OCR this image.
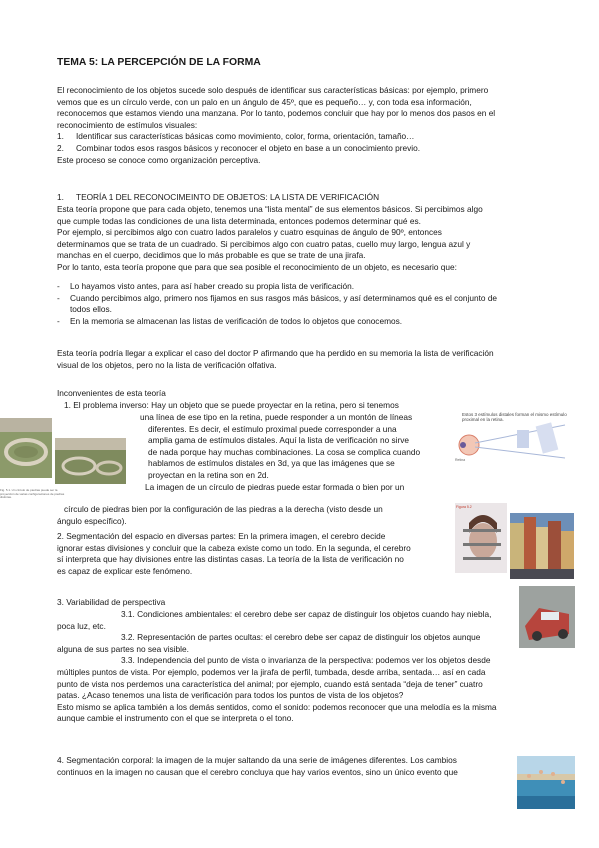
TEMA 5: LA PERCEPCIÓN DE LA FORMA
El reconocimiento de los objetos sucede solo después de identificar sus características básicas: por ejemplo, primero
vemos que es un círculo verde, con un palo en un ángulo de 45º, que es pequeño… y, con toda esa información,
reconocemos que estamos viendo una manzana. Por lo tanto, podemos concluir que hay por lo menos dos pasos en el
reconocimiento de estímulos visuales:
1. Identificar sus características básicas como movimiento, color, forma, orientación, tamaño…
2. Combinar todos esos rasgos básicos y reconocer el objeto en base a un conocimiento previo.
Este proceso se conoce como organización perceptiva.
1. TEORÍA 1 DEL RECONOCIMEINTO DE OBJETOS: LA LISTA DE VERIFICACIÓN
Esta teoría propone que para cada objeto, tenemos una “lista mental” de sus elementos básicos. Si percibimos algo
que cumple todas las condiciones de una lista determinada, entonces podemos determinar qué es.
Por ejemplo, si percibimos algo con cuatro lados paralelos y cuatro esquinas de ángulo de 90º, entonces
determinamos que se trata de un cuadrado. Si percibimos algo con cuatro patas, cuello muy largo, lengua azul y
manchas en el cuerpo, decidimos que lo más probable es que se trate de una jirafa.
Por lo tanto, esta teoría propone que para que sea posible el reconocimiento de un objeto, es necesario que:
- Lo hayamos visto antes, para así haber creado su propia lista de verificación.
- Cuando percibimos algo, primero nos fijamos en sus rasgos más básicos, y así determinamos qué es el conjunto de
todos ellos.
- En la memoria se almacenan las listas de verificación de todos lo objetos que conocemos.
Esta teoría podría llegar a explicar el caso del doctor P afirmando que ha perdido en su memoria la lista de verificación
visual de los objetos, pero no la lista de verificación olfativa.
Inconvenientes de esta teoría
1. El problema inverso: Hay un objeto que se puede proyectar en la retina, pero si tenemos
una línea de ese tipo en la retina, puede responder a un montón de líneas
diferentes. Es decir, el estímulo proximal puede corresponder a una
amplia gama de estímulos distales. Aquí la lista de verificación no sirve
de nada porque hay muchas combinaciones. La cosa se complica cuando
hablamos de estímulos distales en 3d, ya que las imágenes que se
proyectan en la retina son en 2d.
La imagen de un círculo de piedras puede estar formada o bien por un
círculo de piedras bien por la configuración de las piedras a la derecha (visto desde un
ángulo específico).
2. Segmentación del espacio en diversas partes: En la primera imagen, el cerebro decide
ignorar estas divisiones y concluir que la cabeza existe como un todo. En la segunda, el cerebro
sí interpreta que hay divisiones entre las distintas casas. La teoría de la lista de verificación no
es capaz de explicar este fenómeno.
3. Variabilidad de perspectiva
3.1. Condiciones ambientales: el cerebro debe ser capaz de distinguir los objetos cuando hay niebla,
poca luz, etc.
3.2. Representación de partes ocultas: el cerebro debe ser capaz de distinguir los objetos aunque
alguna de sus partes no sea visible.
3.3. Independencia del punto de vista o invarianza de la perspectiva: podemos ver los objetos desde
múltiples puntos de vista. Por ejemplo, podemos ver la jirafa de perfil, tumbada, desde arriba, sentada… así en cada
punto de vista nos perdemos una característica del animal; por ejemplo, cuando está sentada “deja de tener” cuatro
patas. ¿Acaso tenemos una lista de verificación para todos los puntos de vista de los objetos?
Esto mismo se aplica también a los demás sentidos, como el sonido: podemos reconocer que una melodía es la misma
aunque cambie el instrumento con el que se interpreta o el tono.
4. Segmentación corporal: la imagen de la mujer saltando da una serie de imágenes diferentes. Los cambios
continuos en la imagen no causan que el cerebro concluya que hay varios eventos, sino un único evento que
Fig. 5.1. Un círculo de piedras puede ser la proyección de varias configuraciones de piedras distintas.
Estos 3 estímulos distales forman el mismo estímulo proximal en la retina.
Retina
Figura 5.2
